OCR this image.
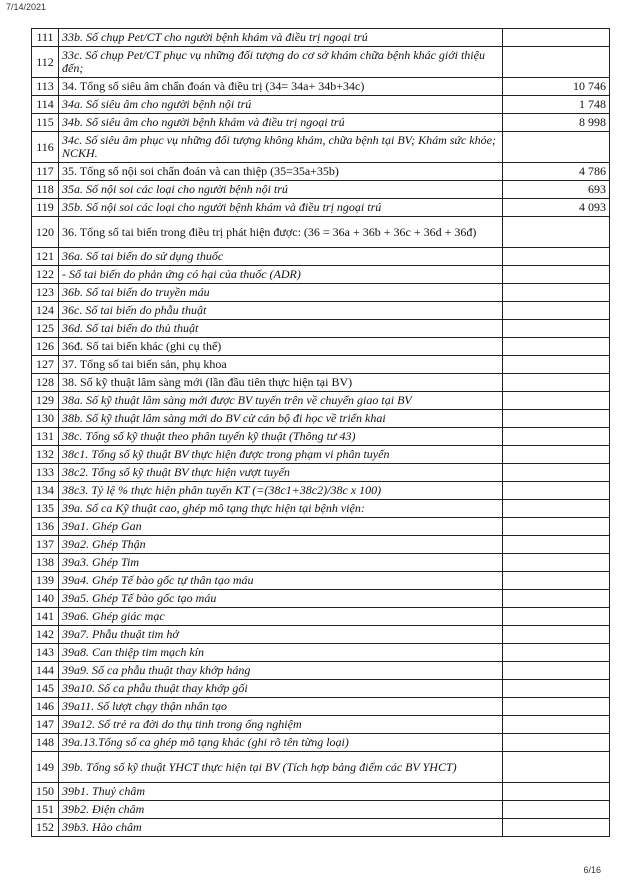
7/14/2021
111	33b. Số chụp Pet/CT cho người bệnh khám và điều trị ngoại trú	
112	33c. Số chụp Pet/CT phục vụ những đối tượng do cơ sở khám chữa bệnh khác giới thiệu đến;	
113	34. Tổng số siêu âm chẩn đoán và điều trị (34= 34a+ 34b+34c)	10 746
114	34a. Số siêu âm cho người bệnh nội trú	1 748
115	34b. Số siêu âm cho người bệnh khám và điều trị ngoại trú	8 998
116	34c. Số siêu âm phục vụ những đối tượng không khám, chữa bệnh tại BV; Khám sức khỏe; NCKH.	
117	35. Tổng số nội soi chẩn đoán và can thiệp (35=35a+35b)	4 786
118	35a. Số nội soi các loại cho người bệnh nội trú	693
119	35b. Số nội soi các loại cho người bệnh khám và điều trị ngoại trú	4 093
120	36. Tổng số tai biến trong điều trị phát hiện được: (36 = 36a + 36b + 36c + 36d + 36đ)	
121	36a. Số tai biến do sử dụng thuốc	
122	- Số tai biến do phản ứng có hại của thuốc (ADR)	
123	36b. Số tai biến do truyền máu	
124	36c. Số tai biến do phẫu thuật	
125	36d. Số tai biến do thủ thuật	
126	36đ. Số tai biến khác (ghi cụ thể)	
127	37. Tổng số tai biến sản, phụ khoa	
128	38. Số kỹ thuật lâm sàng mới (lần đầu tiên thực hiện tại BV)	
129	38a. Số kỹ thuật lâm sàng mới được BV tuyến trên về chuyển giao tại BV	
130	38b. Số kỹ thuật lâm sàng mới do BV cử cán bộ đi học về triển khai	
131	38c. Tổng số kỹ thuật theo phân tuyến kỹ thuật (Thông tư 43)	
132	38c1. Tổng số kỹ thuật BV thực hiện được trong phạm vi phân tuyến	
133	38c2. Tổng số kỹ thuật BV thực hiện vượt tuyến	
134	38c3. Tỷ lệ % thực hiện phân tuyến KT (=(38c1+38c2)/38c x 100)	
135	39a. Số ca Kỹ thuật cao, ghép mô tạng thực hiện tại bệnh viện:	
136	39a1. Ghép Gan	
137	39a2. Ghép Thận	
138	39a3. Ghép Tim	
139	39a4. Ghép Tế bào gốc tự thân tạo máu	
140	39a5. Ghép Tế bào gốc tạo máu	
141	39a6. Ghép giác mạc	
142	39a7. Phẫu thuật tim hở	
143	39a8. Can thiệp tim mạch kín	
144	39a9. Số ca phẫu thuật thay khớp háng	
145	39a10. Số ca phẫu thuật thay khớp gối	
146	39a11. Số lượt chạy thận nhân tạo	
147	39a12. Số trẻ ra đời do thụ tinh trong ống nghiệm	
148	39a.13.Tổng số ca ghép mô tạng khác (ghi rõ tên từng loại)	
149	39b. Tổng số kỹ thuật YHCT thực hiện tại BV (Tích hợp bảng điểm các BV YHCT)	
150	39b1. Thuỷ châm	
151	39b2. Điện châm	
152	39b3. Hào châm	
6/16
